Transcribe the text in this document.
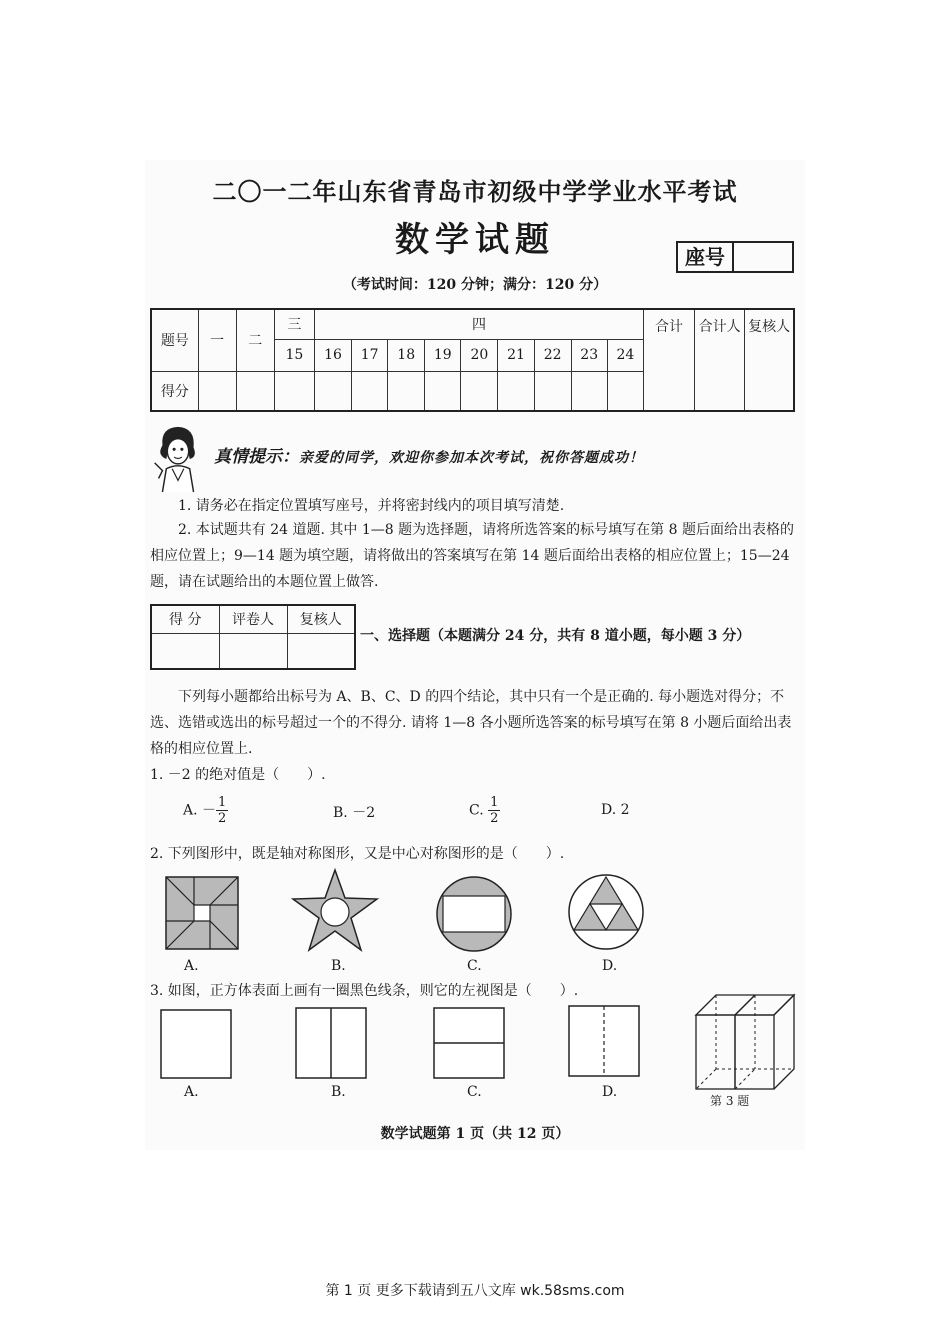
二〇一二年山东省青岛市初级中学学业水平考试
数学试题	座号
（考试时间：120 分钟；满分：120 分）
题号	一	二	三	四									合计	合计人	复核人
			15	16	17	18	19	20	21	22	23	24			
得分															
真情提示：亲爱的同学，欢迎你参加本次考试，祝你答题成功！
1. 请务必在指定位置填写座号，并将密封线内的项目填写清楚.
2. 本试题共有 24 道题. 其中 1—8 题为选择题，请将所选答案的标号填写在第 8 题后面给出表格的相应位置上；9—14 题为填空题，请将做出的答案填写在第 14 题后面给出表格的相应位置上；15—24 题，请在试题给出的本题位置上做答.
得 分	评卷人	复核人

一、选择题（本题满分 24 分，共有 8 道小题，每小题 3 分）
下列每小题都给出标号为 A、B、C、D 的四个结论，其中只有一个是正确的. 每小题选对得分；不选、选错或选出的标号超过一个的不得分. 请将 1—8 各小题所选答案的标号填写在第 8 小题后面给出表格的相应位置上.
1. －2 的绝对值是（　　）.
A. － $\frac{1}{2}$	B. －2	C. $\frac{1}{2}$	D. 2
2. 下列图形中，既是轴对称图形，又是中心对称图形的是（　　）.
A.	B.	C.	D.
3. 如图，正方体表面上画有一圈黑色线条，则它的左视图是（　　）.
A.	B.	C.	D.
第 3 题
数学试题第 1 页（共 12 页）
第 1 页 更多下载请到五八文库 wk.58sms.com
